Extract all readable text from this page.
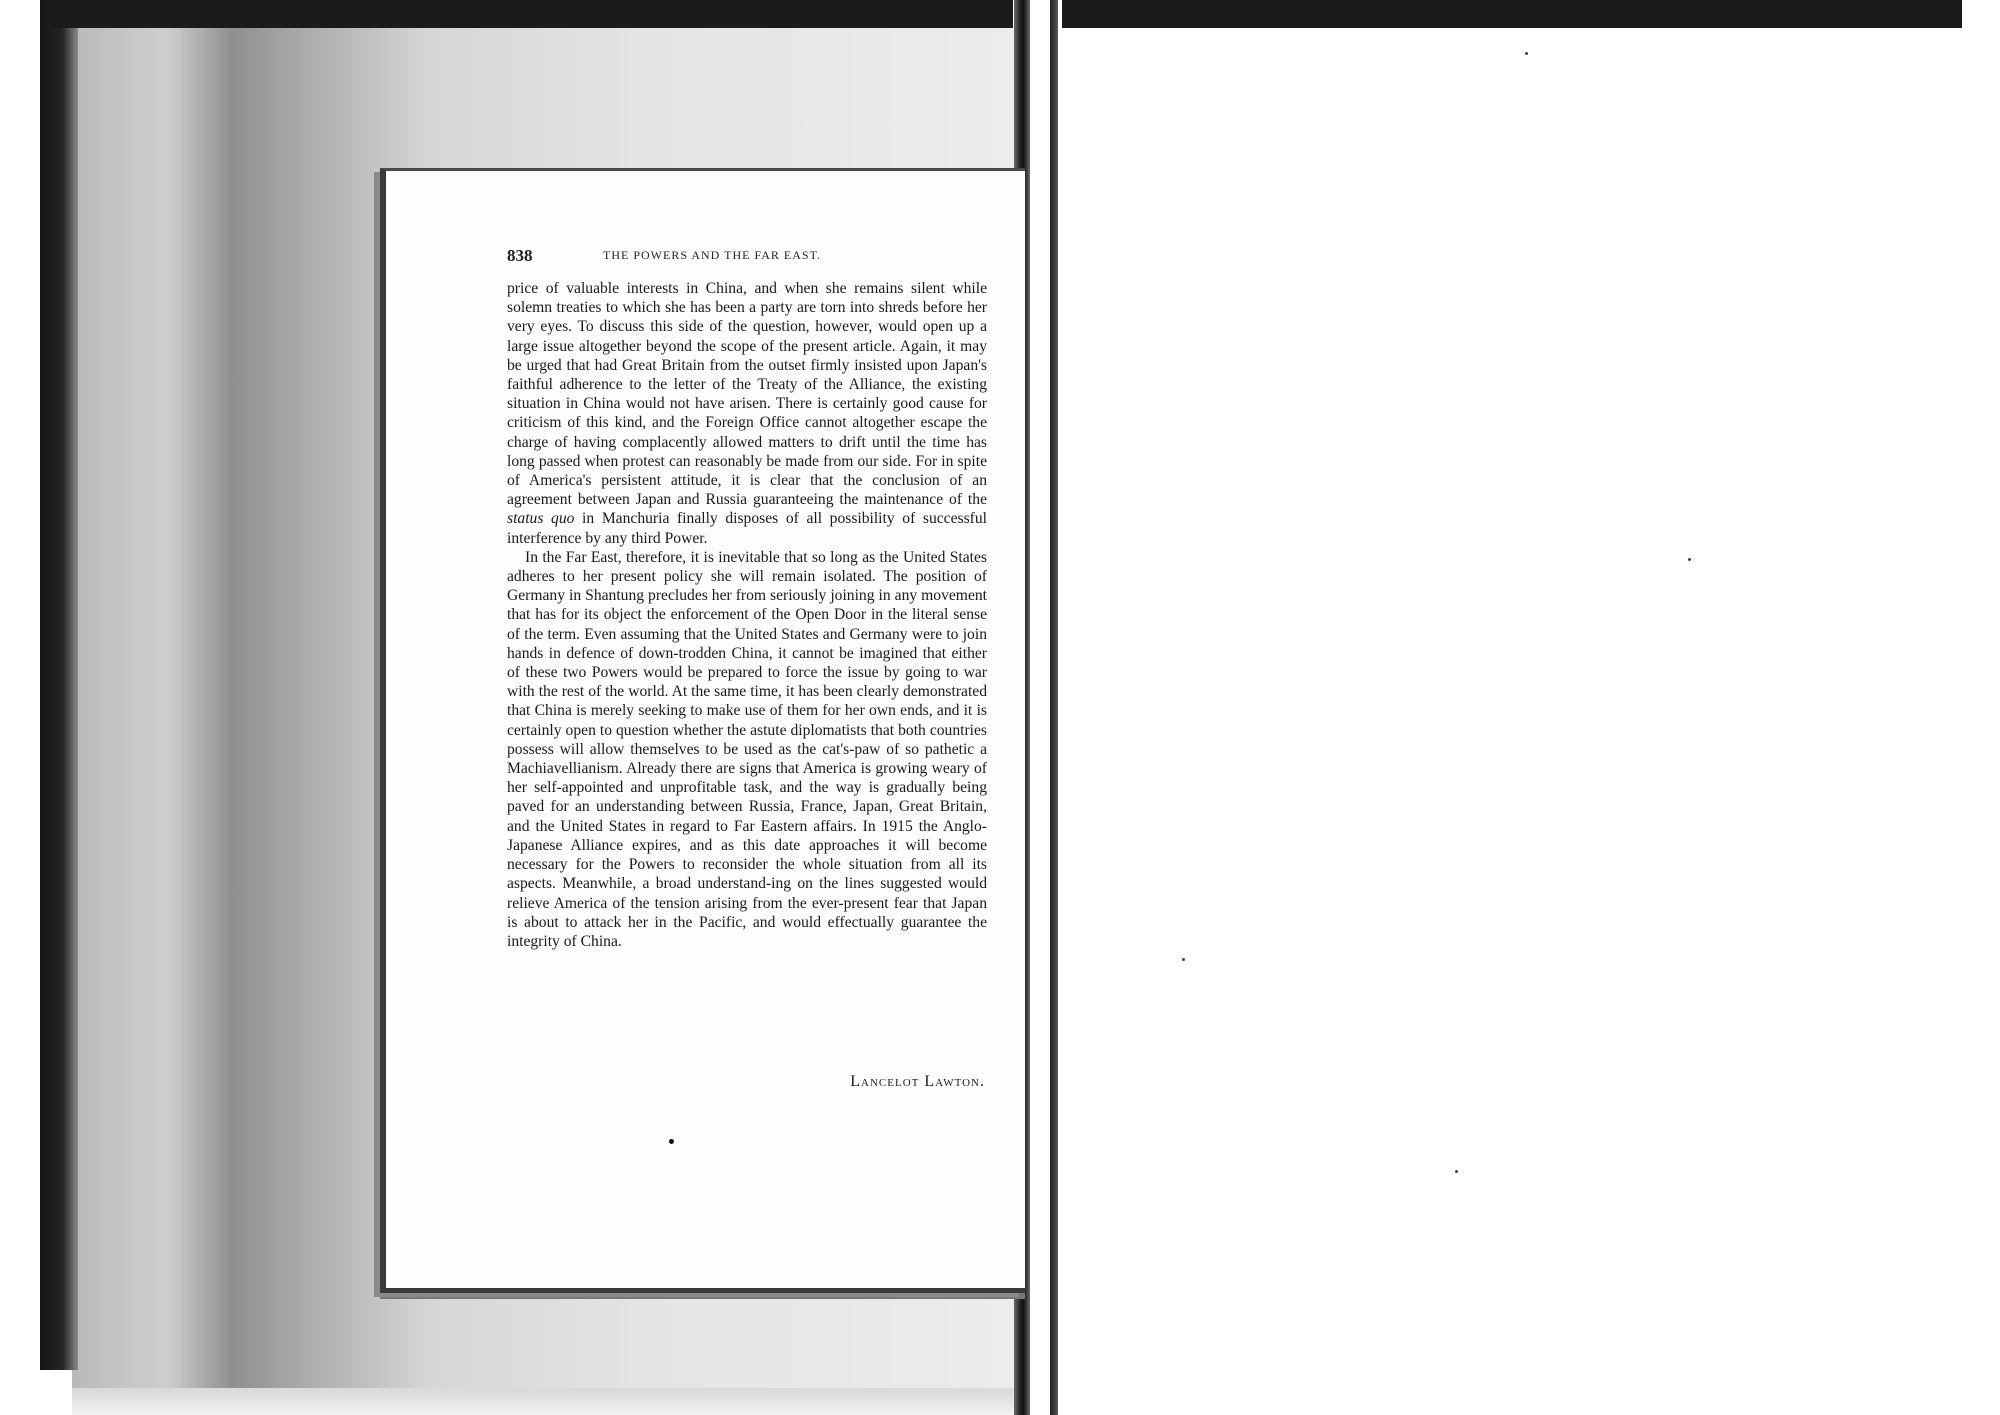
838	THE POWERS AND THE FAR EAST.

price of valuable interests in China, and when she remains silent while solemn treaties to which she has been a party are torn into shreds before her very eyes. To discuss this side of the question, however, would open up a large issue altogether beyond the scope of the present article. Again, it may be urged that had Great Britain from the outset firmly insisted upon Japan's faithful adherence to the letter of the Treaty of the Alliance, the existing situation in China would not have arisen. There is certainly good cause for criticism of this kind, and the Foreign Office cannot altogether escape the charge of having complacently allowed matters to drift until the time has long passed when protest can reasonably be made from our side. For in spite of America's persistent attitude, it is clear that the conclusion of an agreement between Japan and Russia guaranteeing the maintenance of the status quo in Manchuria finally disposes of all possibility of successful interference by any third Power.

In the Far East, therefore, it is inevitable that so long as the United States adheres to her present policy she will remain isolated. The position of Germany in Shantung precludes her from seriously joining in any movement that has for its object the enforcement of the Open Door in the literal sense of the term. Even assuming that the United States and Germany were to join hands in defence of down-trodden China, it cannot be imagined that either of these two Powers would be prepared to force the issue by going to war with the rest of the world. At the same time, it has been clearly demonstrated that China is merely seeking to make use of them for her own ends, and it is certainly open to question whether the astute diplomatists that both countries possess will allow themselves to be used as the cat's-paw of so pathetic a Machiavellianism. Already there are signs that America is growing weary of her self-appointed and unprofitable task, and the way is gradually being paved for an understanding between Russia, France, Japan, Great Britain, and the United States in regard to Far Eastern affairs. In 1915 the Anglo-Japanese Alliance expires, and as this date approaches it will become necessary for the Powers to reconsider the whole situation from all its aspects. Meanwhile, a broad understand-ing on the lines suggested would relieve America of the tension arising from the ever-present fear that Japan is about to attack her in the Pacific, and would effectually guarantee the integrity of China.

Lancelot Lawton.
